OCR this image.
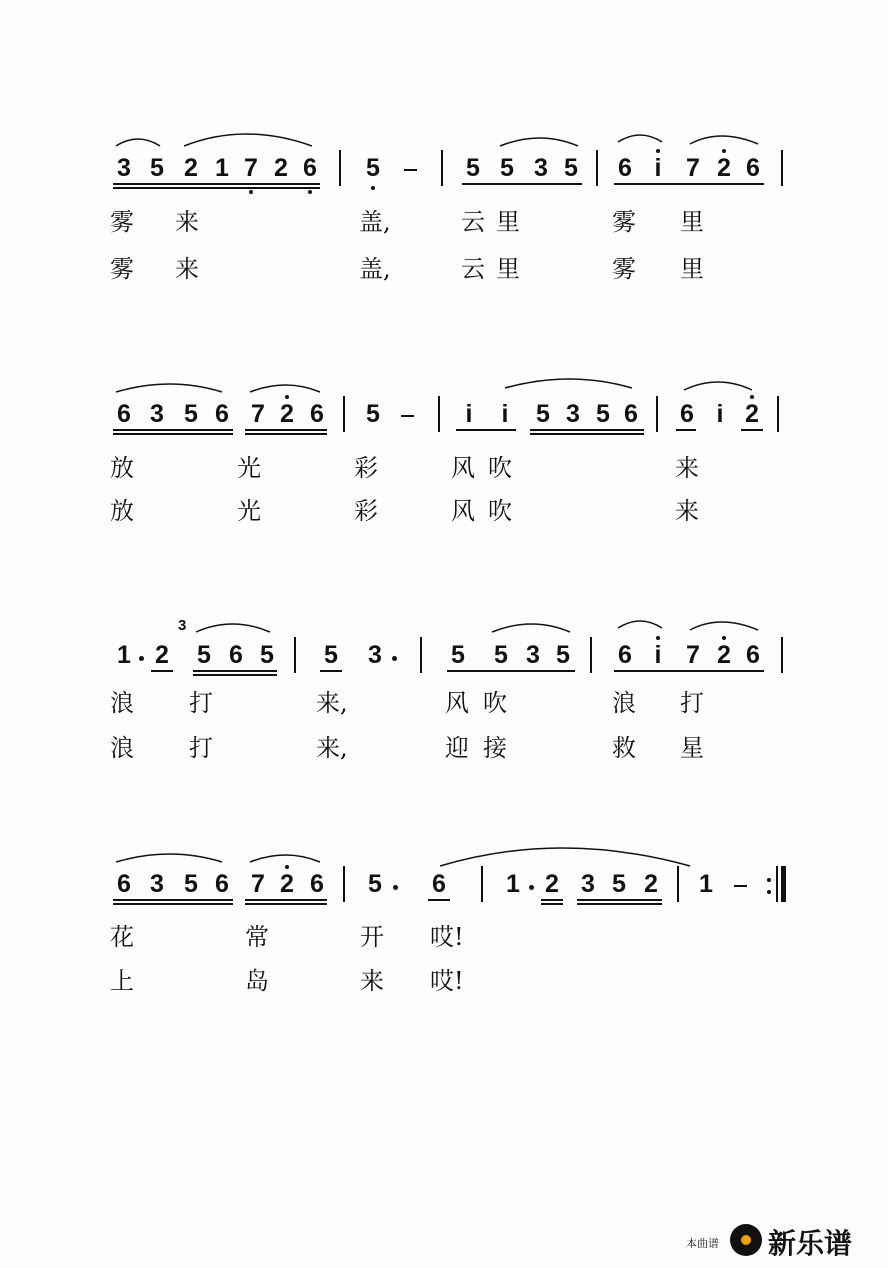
3 5 2 1 7 2 6 5	5 5 3 5 6 i 7 2 6
雾 来	盖,	云 里	雾 里
雾 来	盖,	云 里	雾 里
6 3 5 6 7 2 6 5	i	i	5 3 5 6 6 i 2
放	光	彩	风 吹	来
放	光	彩	风 吹	来
1 2
3
5 6 5 5 3	5 5 3 5 6 i 7 2 6
浪 打	来,	风 吹	浪 打
浪 打	来,	迎 接	救 星
6 3 5 6 7 2 6 5 6 1 2 3 5 2 1
花	常	开 哎!
上	岛	来 哎!
本曲谱 新乐谱
